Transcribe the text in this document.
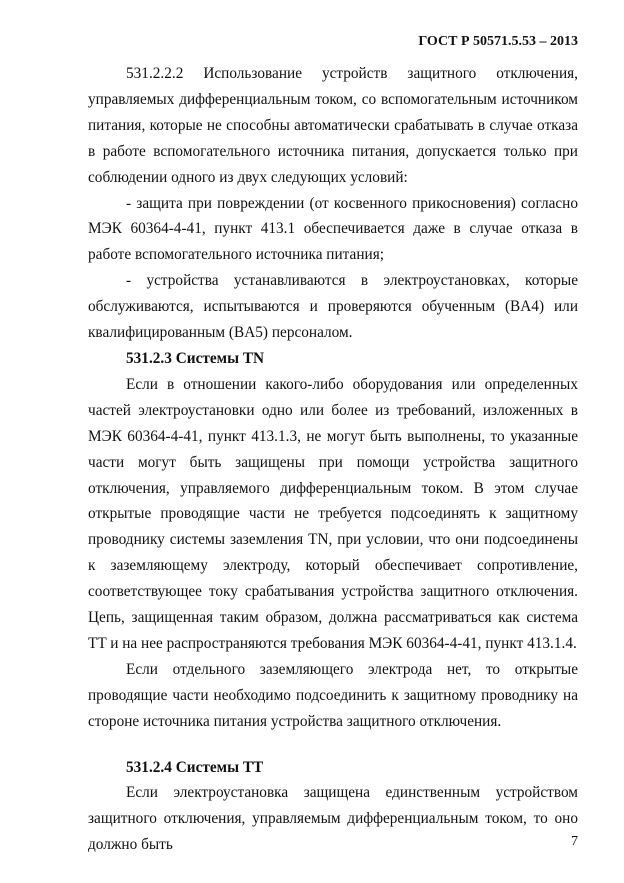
ГОСТ Р 50571.5.53 – 2013

531.2.2.2 Использование устройств защитного отключения, управляемых дифференциальным током, со вспомогательным источником питания, которые не способны автоматически срабатывать в случае отказа в работе вспомогательного источника питания, допускается только при соблюдении одного из двух следующих условий:

- защита при повреждении (от косвенного прикосновения) согласно МЭК 60364-4-41, пункт 413.1 обеспечивается даже в случае отказа в работе вспомогательного источника питания;

- устройства устанавливаются в электроустановках, которые обслуживаются, испытываются и проверяются обученным (BA4) или квалифицированным (BA5) персоналом.

531.2.3 Системы TN

Если в отношении какого-либо оборудования или определенных частей электроустановки одно или более из требований, изложенных в МЭК 60364-4-41, пункт 413.1.3, не могут быть выполнены, то указанные части могут быть защищены при помощи устройства защитного отключения, управляемого дифференциальным током. В этом случае открытые проводящие части не требуется подсоединять к защитному проводнику системы заземления TN, при условии, что они подсоединены к заземляющему электроду, который обеспечивает сопротивление, соответствующее току срабатывания устройства защитного отключения. Цепь, защищенная таким образом, должна рассматриваться как система TT и на нее распространяются требования МЭК 60364-4-41, пункт 413.1.4.

Если отдельного заземляющего электрода нет, то открытые проводящие части необходимо подсоединить к защитному проводнику на стороне источника питания устройства защитного отключения.

531.2.4 Системы TT

Если электроустановка защищена единственным устройством защитного отключения, управляемым дифференциальным током, то оно должно быть	7
